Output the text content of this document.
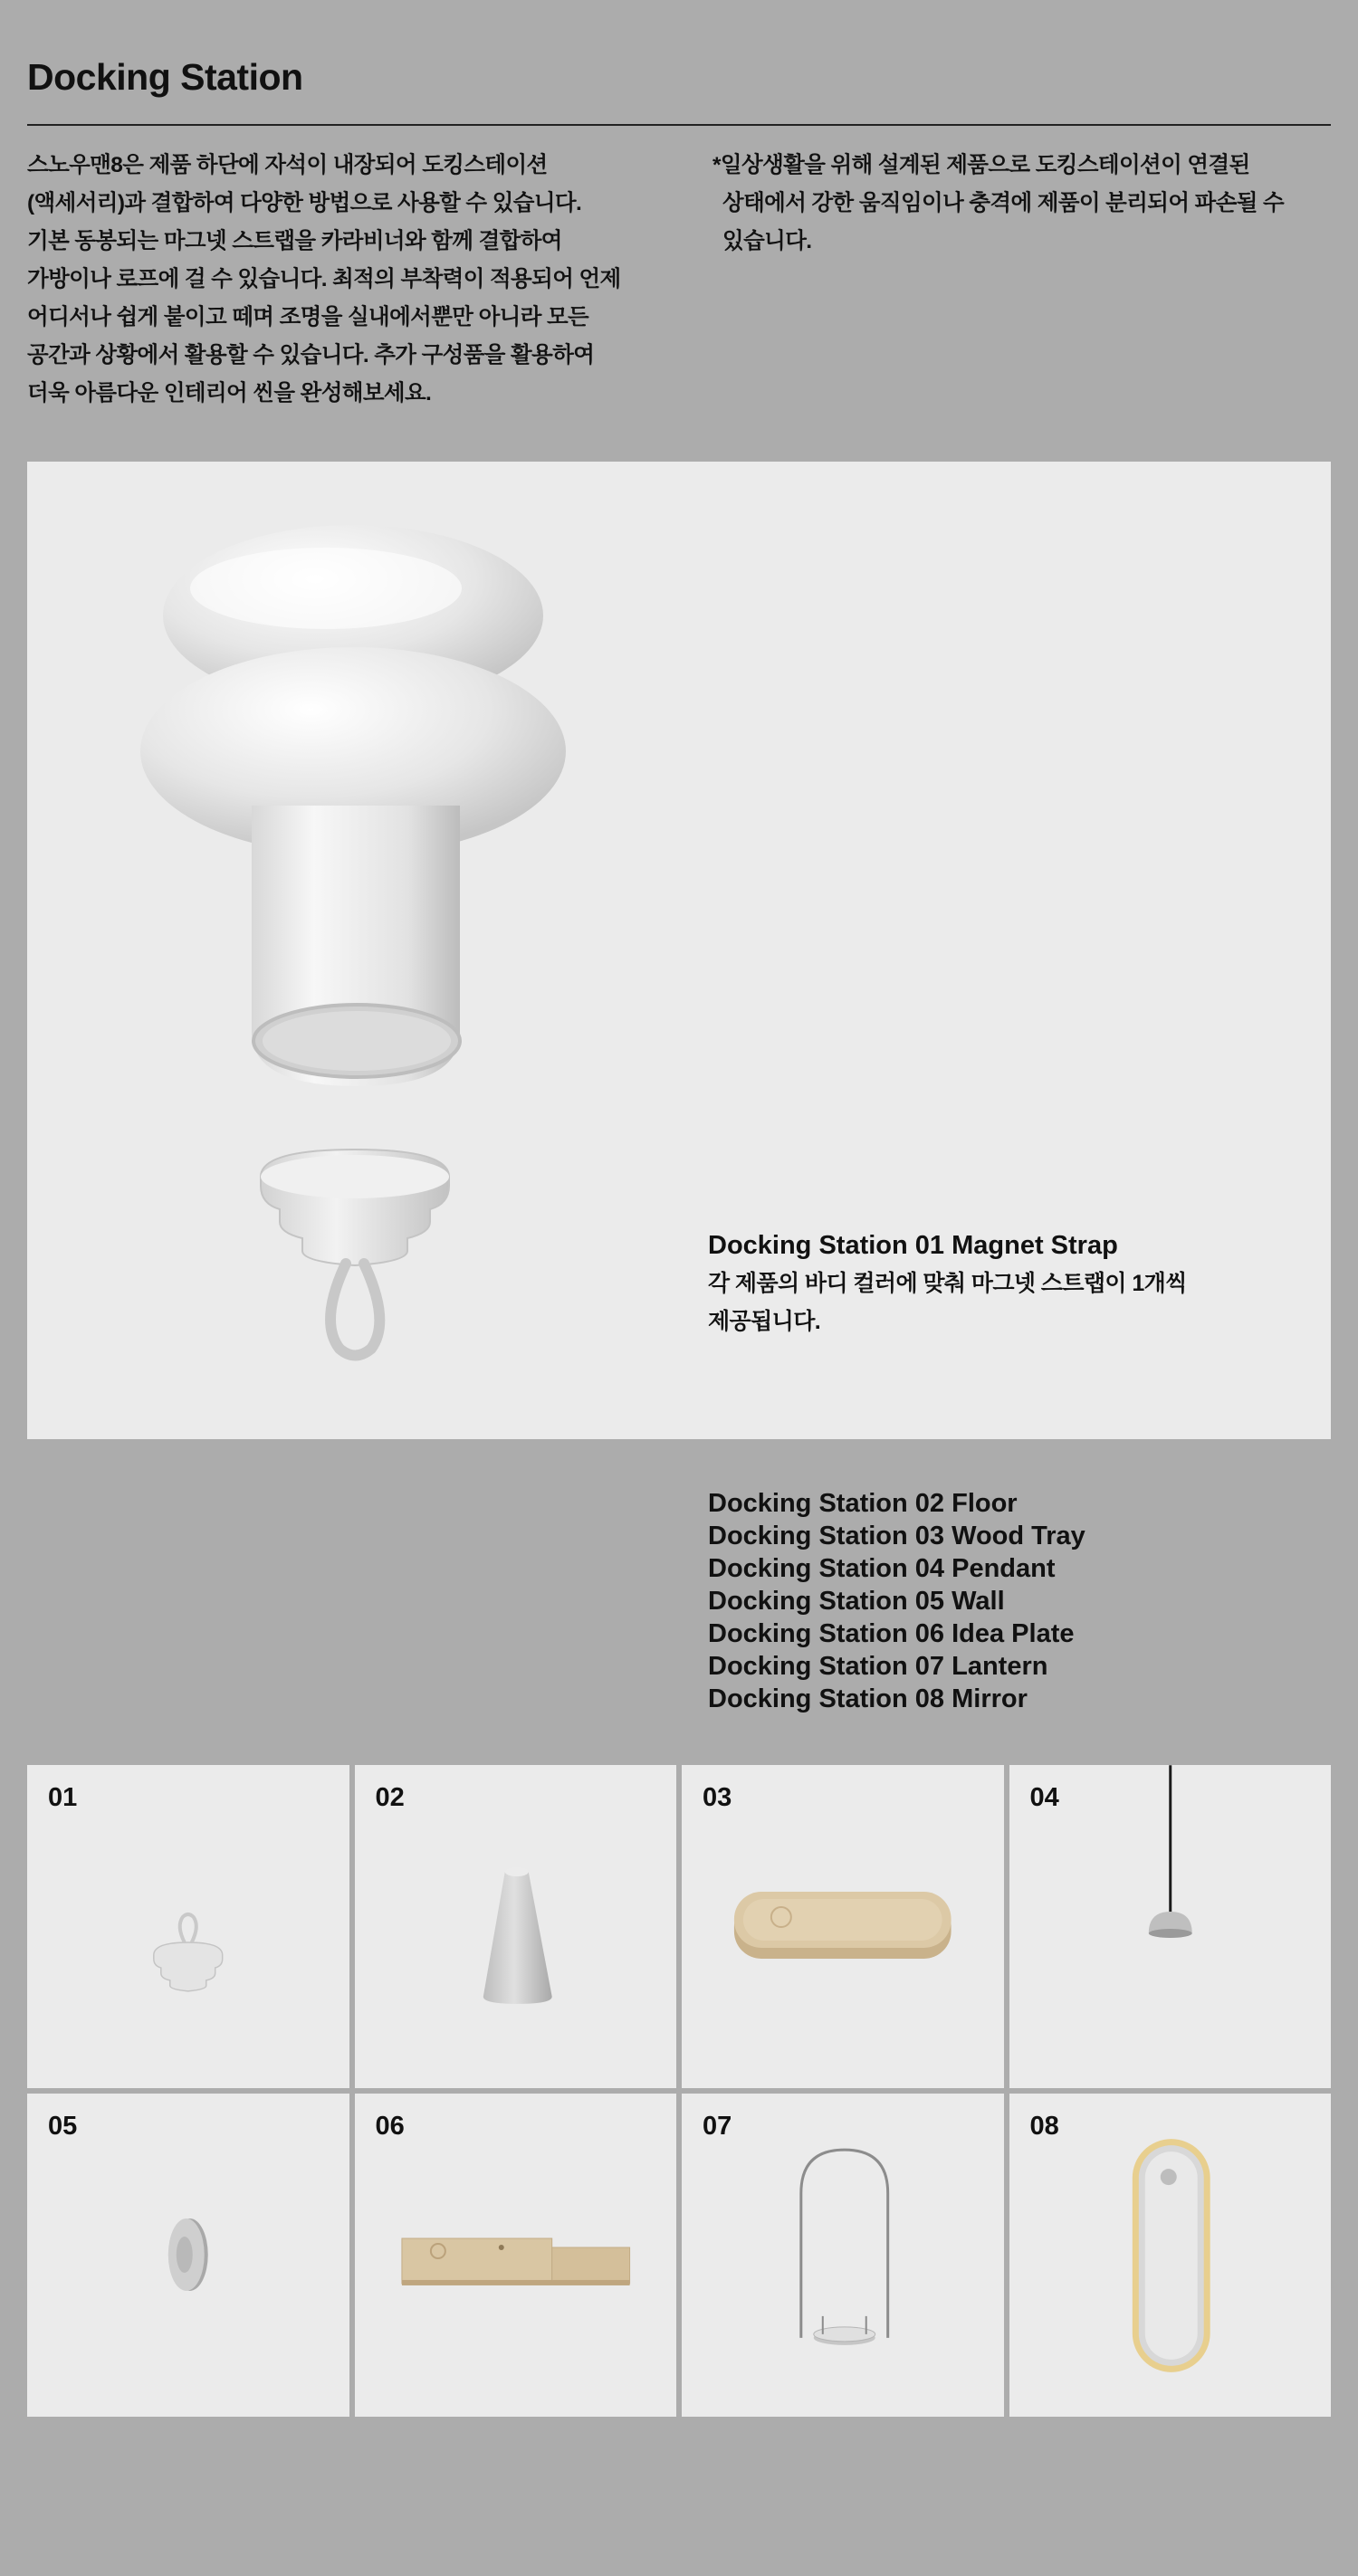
Docking Station
스노우맨8은 제품 하단에 자석이 내장되어 도킹스테이션
(액세서리)과 결합하여 다양한 방법으로 사용할 수 있습니다.
기본 동봉되는 마그넷 스트랩을 카라비너와 함께 결합하여
가방이나 로프에 걸 수 있습니다. 최적의 부착력이 적용되어 언제
어디서나 쉽게 붙이고 떼며 조명을 실내에서뿐만 아니라 모든
공간과 상황에서 활용할 수 있습니다. 추가 구성품을 활용하여
더욱 아름다운 인테리어 씬을 완성해보세요.
*일상생활을 위해 설계된 제품으로 도킹스테이션이 연결된
상태에서 강한 움직임이나 충격에 제품이 분리되어 파손될 수
있습니다.
Docking Station 01 Magnet Strap
각 제품의 바디 컬러에 맞춰 마그넷 스트랩이 1개씩
제공됩니다.
Docking Station 02 Floor
Docking Station 03 Wood Tray
Docking Station 04 Pendant
Docking Station 05 Wall
Docking Station 06 Idea Plate
Docking Station 07 Lantern
Docking Station 08 Mirror
01	02	03	04
05	06	07	08
